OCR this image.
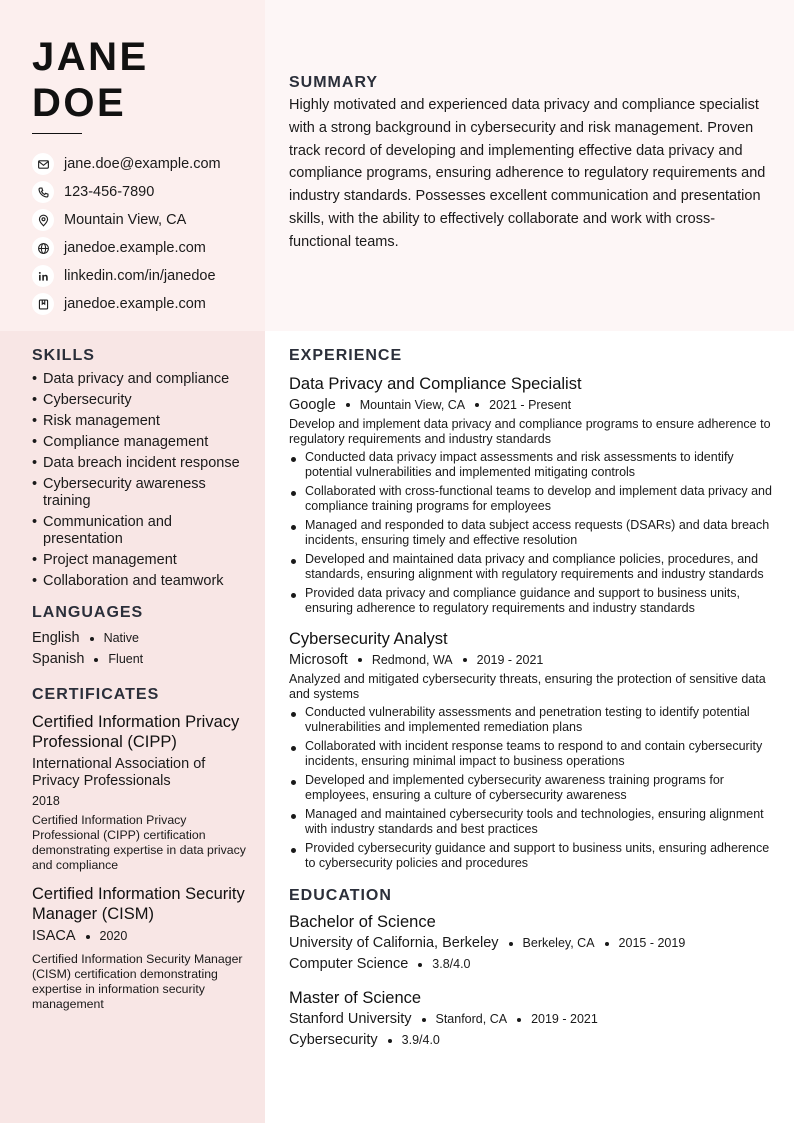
JANE
DOE
jane.doe@example.com
123-456-7890
Mountain View, CA
janedoe.example.com
linkedin.com/in/janedoe
janedoe.example.com
SUMMARY
Highly motivated and experienced data privacy and compliance specialist with a strong background in cybersecurity and risk management. Proven track record of developing and implementing effective data privacy and compliance programs, ensuring adherence to regulatory requirements and industry standards. Possesses excellent communication and presentation skills, with the ability to effectively collaborate and work with cross-functional teams.
SKILLS
• Data privacy and compliance
• Cybersecurity
• Risk management
• Compliance management
• Data breach incident response
• Cybersecurity awareness training
• Communication and presentation
• Project management
• Collaboration and teamwork
LANGUAGES
English Native
Spanish Fluent
CERTIFICATES
Certified Information Privacy Professional (CIPP)
International Association of Privacy Professionals
2018
Certified Information Privacy Professional (CIPP) certification demonstrating expertise in data privacy and compliance
Certified Information Security Manager (CISM)
ISACA 2020
Certified Information Security Manager (CISM) certification demonstrating expertise in information security management
EXPERIENCE
Data Privacy and Compliance Specialist
Google Mountain View, CA 2021 - Present
Develop and implement data privacy and compliance programs to ensure adherence to regulatory requirements and industry standards
Conducted data privacy impact assessments and risk assessments to identify potential vulnerabilities and implemented mitigating controls
Collaborated with cross-functional teams to develop and implement data privacy and compliance training programs for employees
Managed and responded to data subject access requests (DSARs) and data breach incidents, ensuring timely and effective resolution
Developed and maintained data privacy and compliance policies, procedures, and standards, ensuring alignment with regulatory requirements and industry standards
Provided data privacy and compliance guidance and support to business units, ensuring adherence to regulatory requirements and industry standards
Cybersecurity Analyst
Microsoft Redmond, WA 2019 - 2021
Analyzed and mitigated cybersecurity threats, ensuring the protection of sensitive data and systems
Conducted vulnerability assessments and penetration testing to identify potential vulnerabilities and implemented remediation plans
Collaborated with incident response teams to respond to and contain cybersecurity incidents, ensuring minimal impact to business operations
Developed and implemented cybersecurity awareness training programs for employees, ensuring a culture of cybersecurity awareness
Managed and maintained cybersecurity tools and technologies, ensuring alignment with industry standards and best practices
Provided cybersecurity guidance and support to business units, ensuring adherence to cybersecurity policies and procedures
EDUCATION
Bachelor of Science
University of California, Berkeley Berkeley, CA 2015 - 2019
Computer Science 3.8/4.0
Master of Science
Stanford University Stanford, CA 2019 - 2021
Cybersecurity 3.9/4.0
